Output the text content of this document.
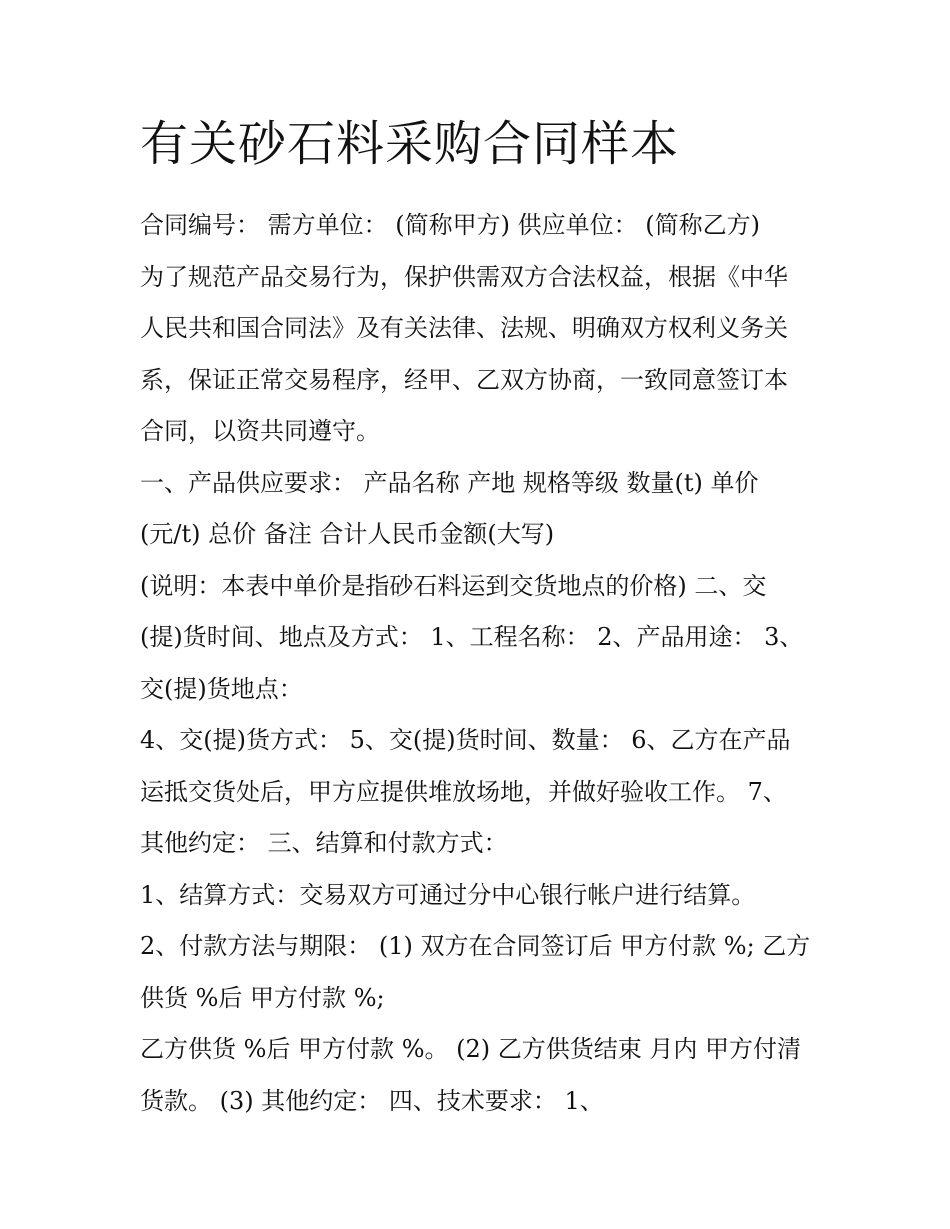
有关砂石料采购合同样本
合同编号： 需方单位： (简称甲方) 供应单位： (简称乙方)
为了规范产品交易行为，保护供需双方合法权益，根据《中华
人民共和国合同法》及有关法律、法规、明确双方权利义务关
系，保证正常交易程序，经甲、乙双方协商，一致同意签订本
合同，以资共同遵守。
一、产品供应要求： 产品名称 产地 规格等级 数量(t) 单价
(元/t) 总价 备注 合计人民币金额(大写)
(说明：本表中单价是指砂石料运到交货地点的价格) 二、交
(提)货时间、地点及方式： 1、工程名称： 2、产品用途： 3、
交(提)货地点：
4、交(提)货方式： 5、交(提)货时间、数量： 6、乙方在产品
运抵交货处后，甲方应提供堆放场地，并做好验收工作。 7、
其他约定： 三、结算和付款方式：
1、结算方式：交易双方可通过分中心银行帐户进行结算。
2、付款方法与期限： (1) 双方在合同签订后 甲方付款 %; 乙方
供货 %后 甲方付款 %;
乙方供货 %后 甲方付款 %。 (2) 乙方供货结束 月内 甲方付清
货款。 (3) 其他约定： 四、技术要求： 1、
